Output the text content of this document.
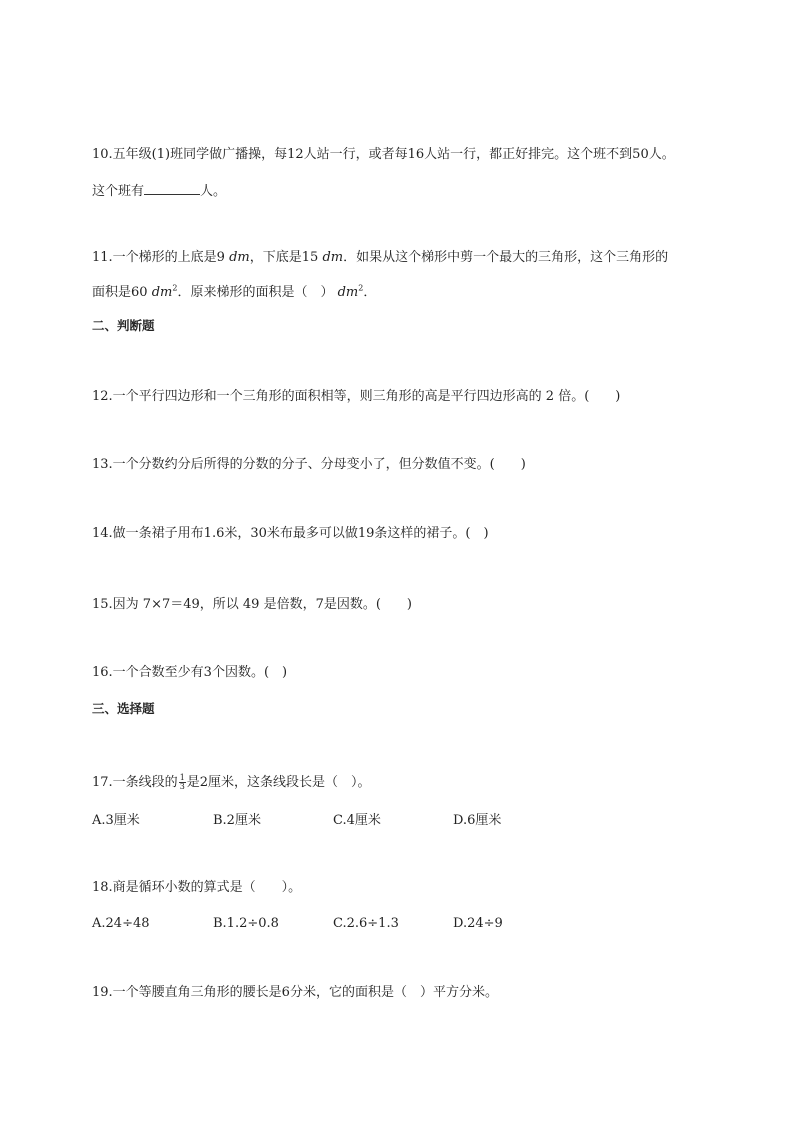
10.五年级(1)班同学做广播操，每12人站一行，或者每16人站一行，都正好排完。这个班不到50人。
这个班有	人。
11.一个梯形的上底是9 dm，下底是15 dm．如果从这个梯形中剪一个最大的三角形，这个三角形的
面积是60 $dm^2$．原来梯形的面积是（　） $dm^2$．
二、判断题
12.一个平行四边形和一个三角形的面积相等，则三角形的高是平行四边形高的 2 倍。(　　)
13.一个分数约分后所得的分数的分子、分母变小了，但分数值不变。(　　)
14.做一条裙子用布1.6米，30米布最多可以做19条这样的裙子。(　)
15.因为 7×7＝49，所以 49 是倍数，7是因数。(　　)
16.一个合数至少有3个因数。(　)
三、选择题
17.一条线段的 $\frac{1}{3}$ 是2厘米，这条线段长是（　）。
A.3厘米	B.2厘米	C.4厘米	D.6厘米
18.商是循环小数的算式是（　　）。
A.24÷48	B.1.2÷0.8	C.2.6÷1.3	D.24÷9
19.一个等腰直角三角形的腰长是6分米，它的面积是（　）平方分米。
